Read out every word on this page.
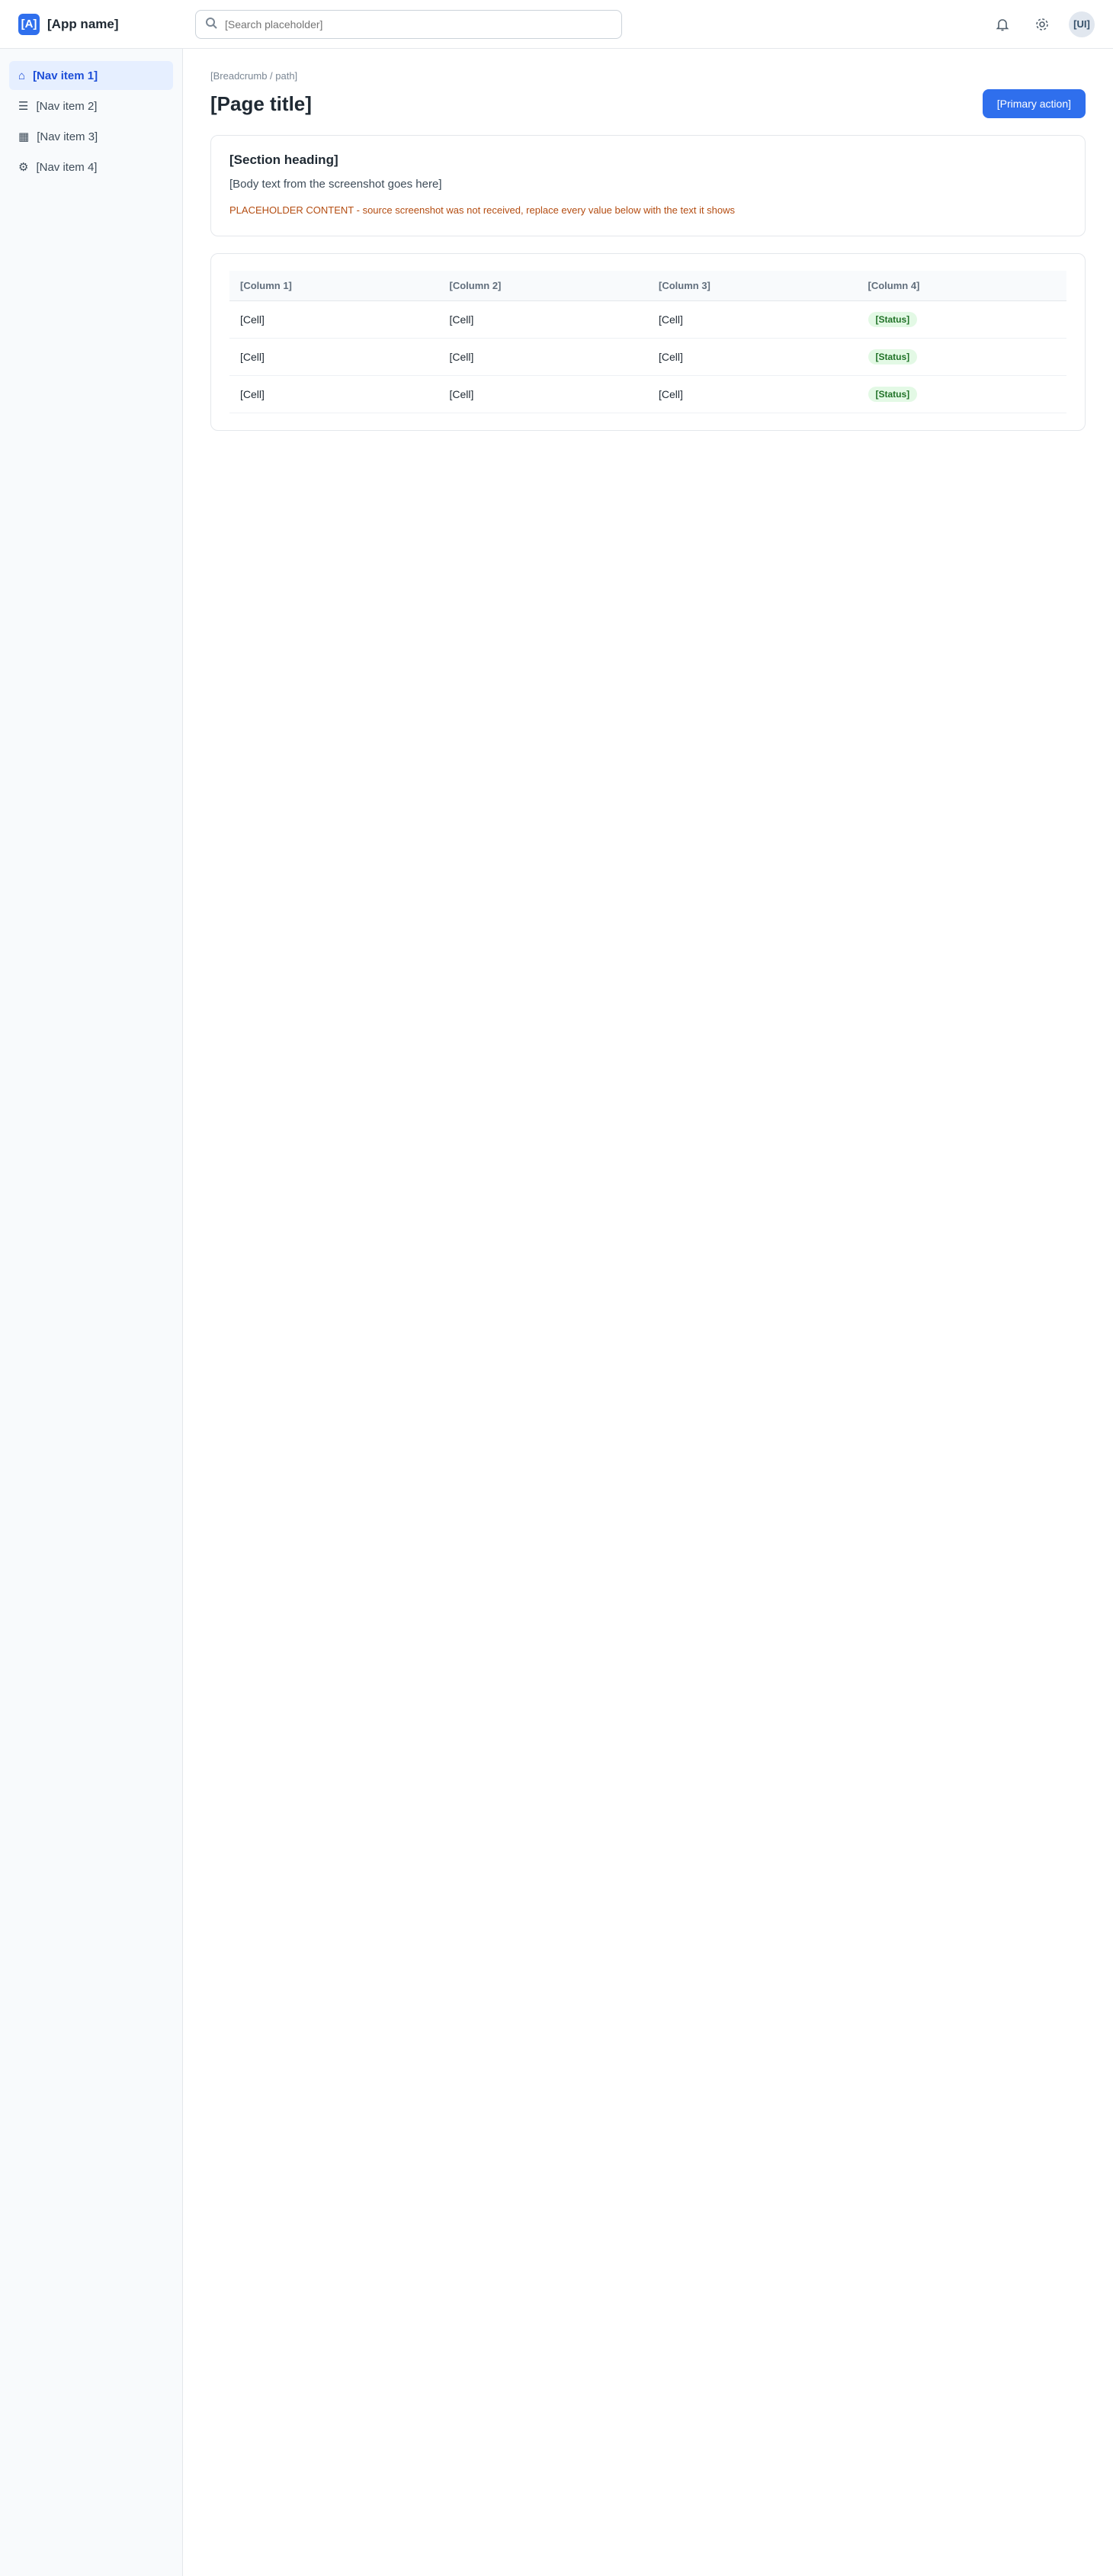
[A] [App name]
[Search placeholder]	[UI]
⌂ [Nav item 1]
☰ [Nav item 2]
▦ [Nav item 3]
⚙ [Nav item 4]
[Breadcrumb / path]
[Page title]	[Primary action]
[Section heading]

[Body text from the screenshot goes here]

PLACEHOLDER CONTENT - source screenshot was not received, replace every value below with the text it shows

[Column 1]	[Column 2]	[Column 3]	[Column 4]
[Cell]	[Cell]	[Cell]	[Status]
[Cell]	[Cell]	[Cell]	[Status]
[Cell]	[Cell]	[Cell]	[Status]
